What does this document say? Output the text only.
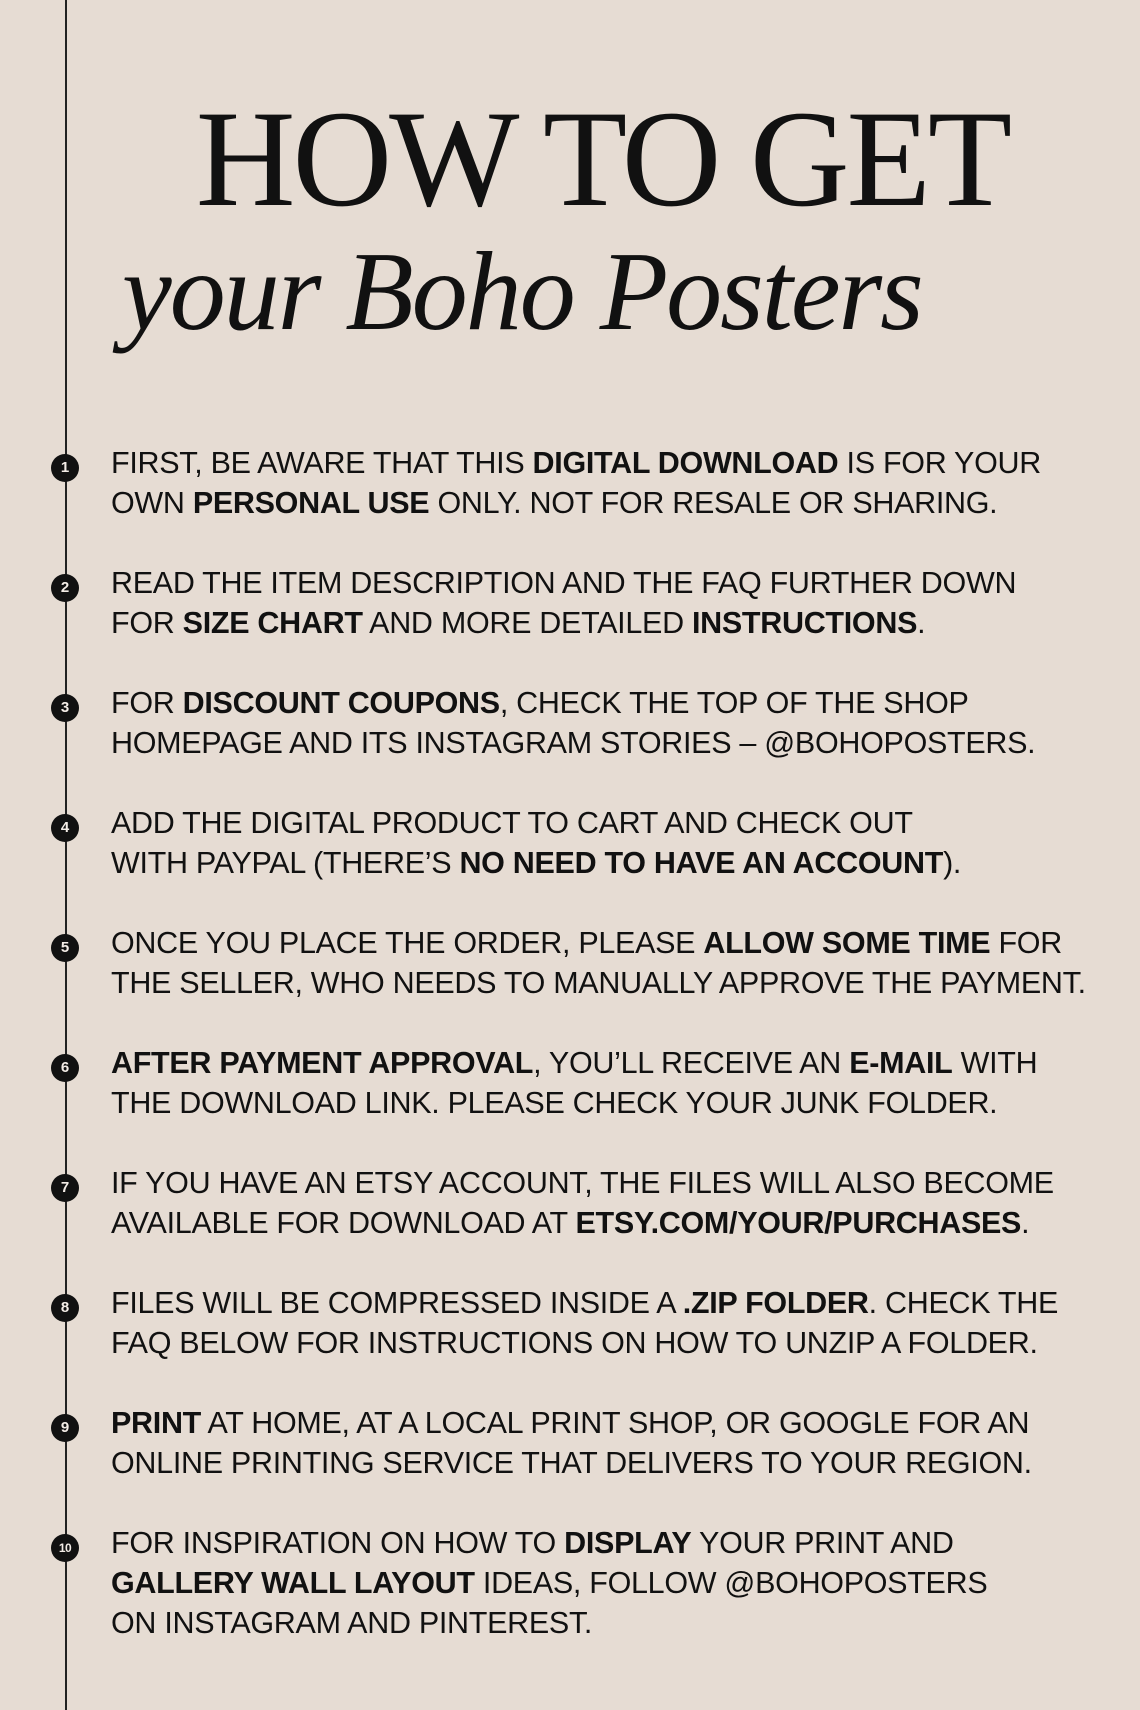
HOW TO GET
your Boho Posters
1	FIRST, BE AWARE THAT THIS DIGITAL DOWNLOAD IS FOR YOUR
OWN PERSONAL USE ONLY. NOT FOR RESALE OR SHARING.
2	READ THE ITEM DESCRIPTION AND THE FAQ FURTHER DOWN
FOR SIZE CHART AND MORE DETAILED INSTRUCTIONS.
3	FOR DISCOUNT COUPONS, CHECK THE TOP OF THE SHOP
HOMEPAGE AND ITS INSTAGRAM STORIES – @BOHOPOSTERS.
4	ADD THE DIGITAL PRODUCT TO CART AND CHECK OUT
WITH PAYPAL (THERE’S NO NEED TO HAVE AN ACCOUNT).
5	ONCE YOU PLACE THE ORDER, PLEASE ALLOW SOME TIME FOR
THE SELLER, WHO NEEDS TO MANUALLY APPROVE THE PAYMENT.
6	AFTER PAYMENT APPROVAL, YOU’LL RECEIVE AN E-MAIL WITH
THE DOWNLOAD LINK. PLEASE CHECK YOUR JUNK FOLDER.
7	IF YOU HAVE AN ETSY ACCOUNT, THE FILES WILL ALSO BECOME
AVAILABLE FOR DOWNLOAD AT ETSY.COM/YOUR/PURCHASES.
8	FILES WILL BE COMPRESSED INSIDE A .ZIP FOLDER. CHECK THE
FAQ BELOW FOR INSTRUCTIONS ON HOW TO UNZIP A FOLDER.
9	PRINT AT HOME, AT A LOCAL PRINT SHOP, OR GOOGLE FOR AN
ONLINE PRINTING SERVICE THAT DELIVERS TO YOUR REGION.
10 FOR INSPIRATION ON HOW TO DISPLAY YOUR PRINT AND
GALLERY WALL LAYOUT IDEAS, FOLLOW @BOHOPOSTERS
ON INSTAGRAM AND PINTEREST.
